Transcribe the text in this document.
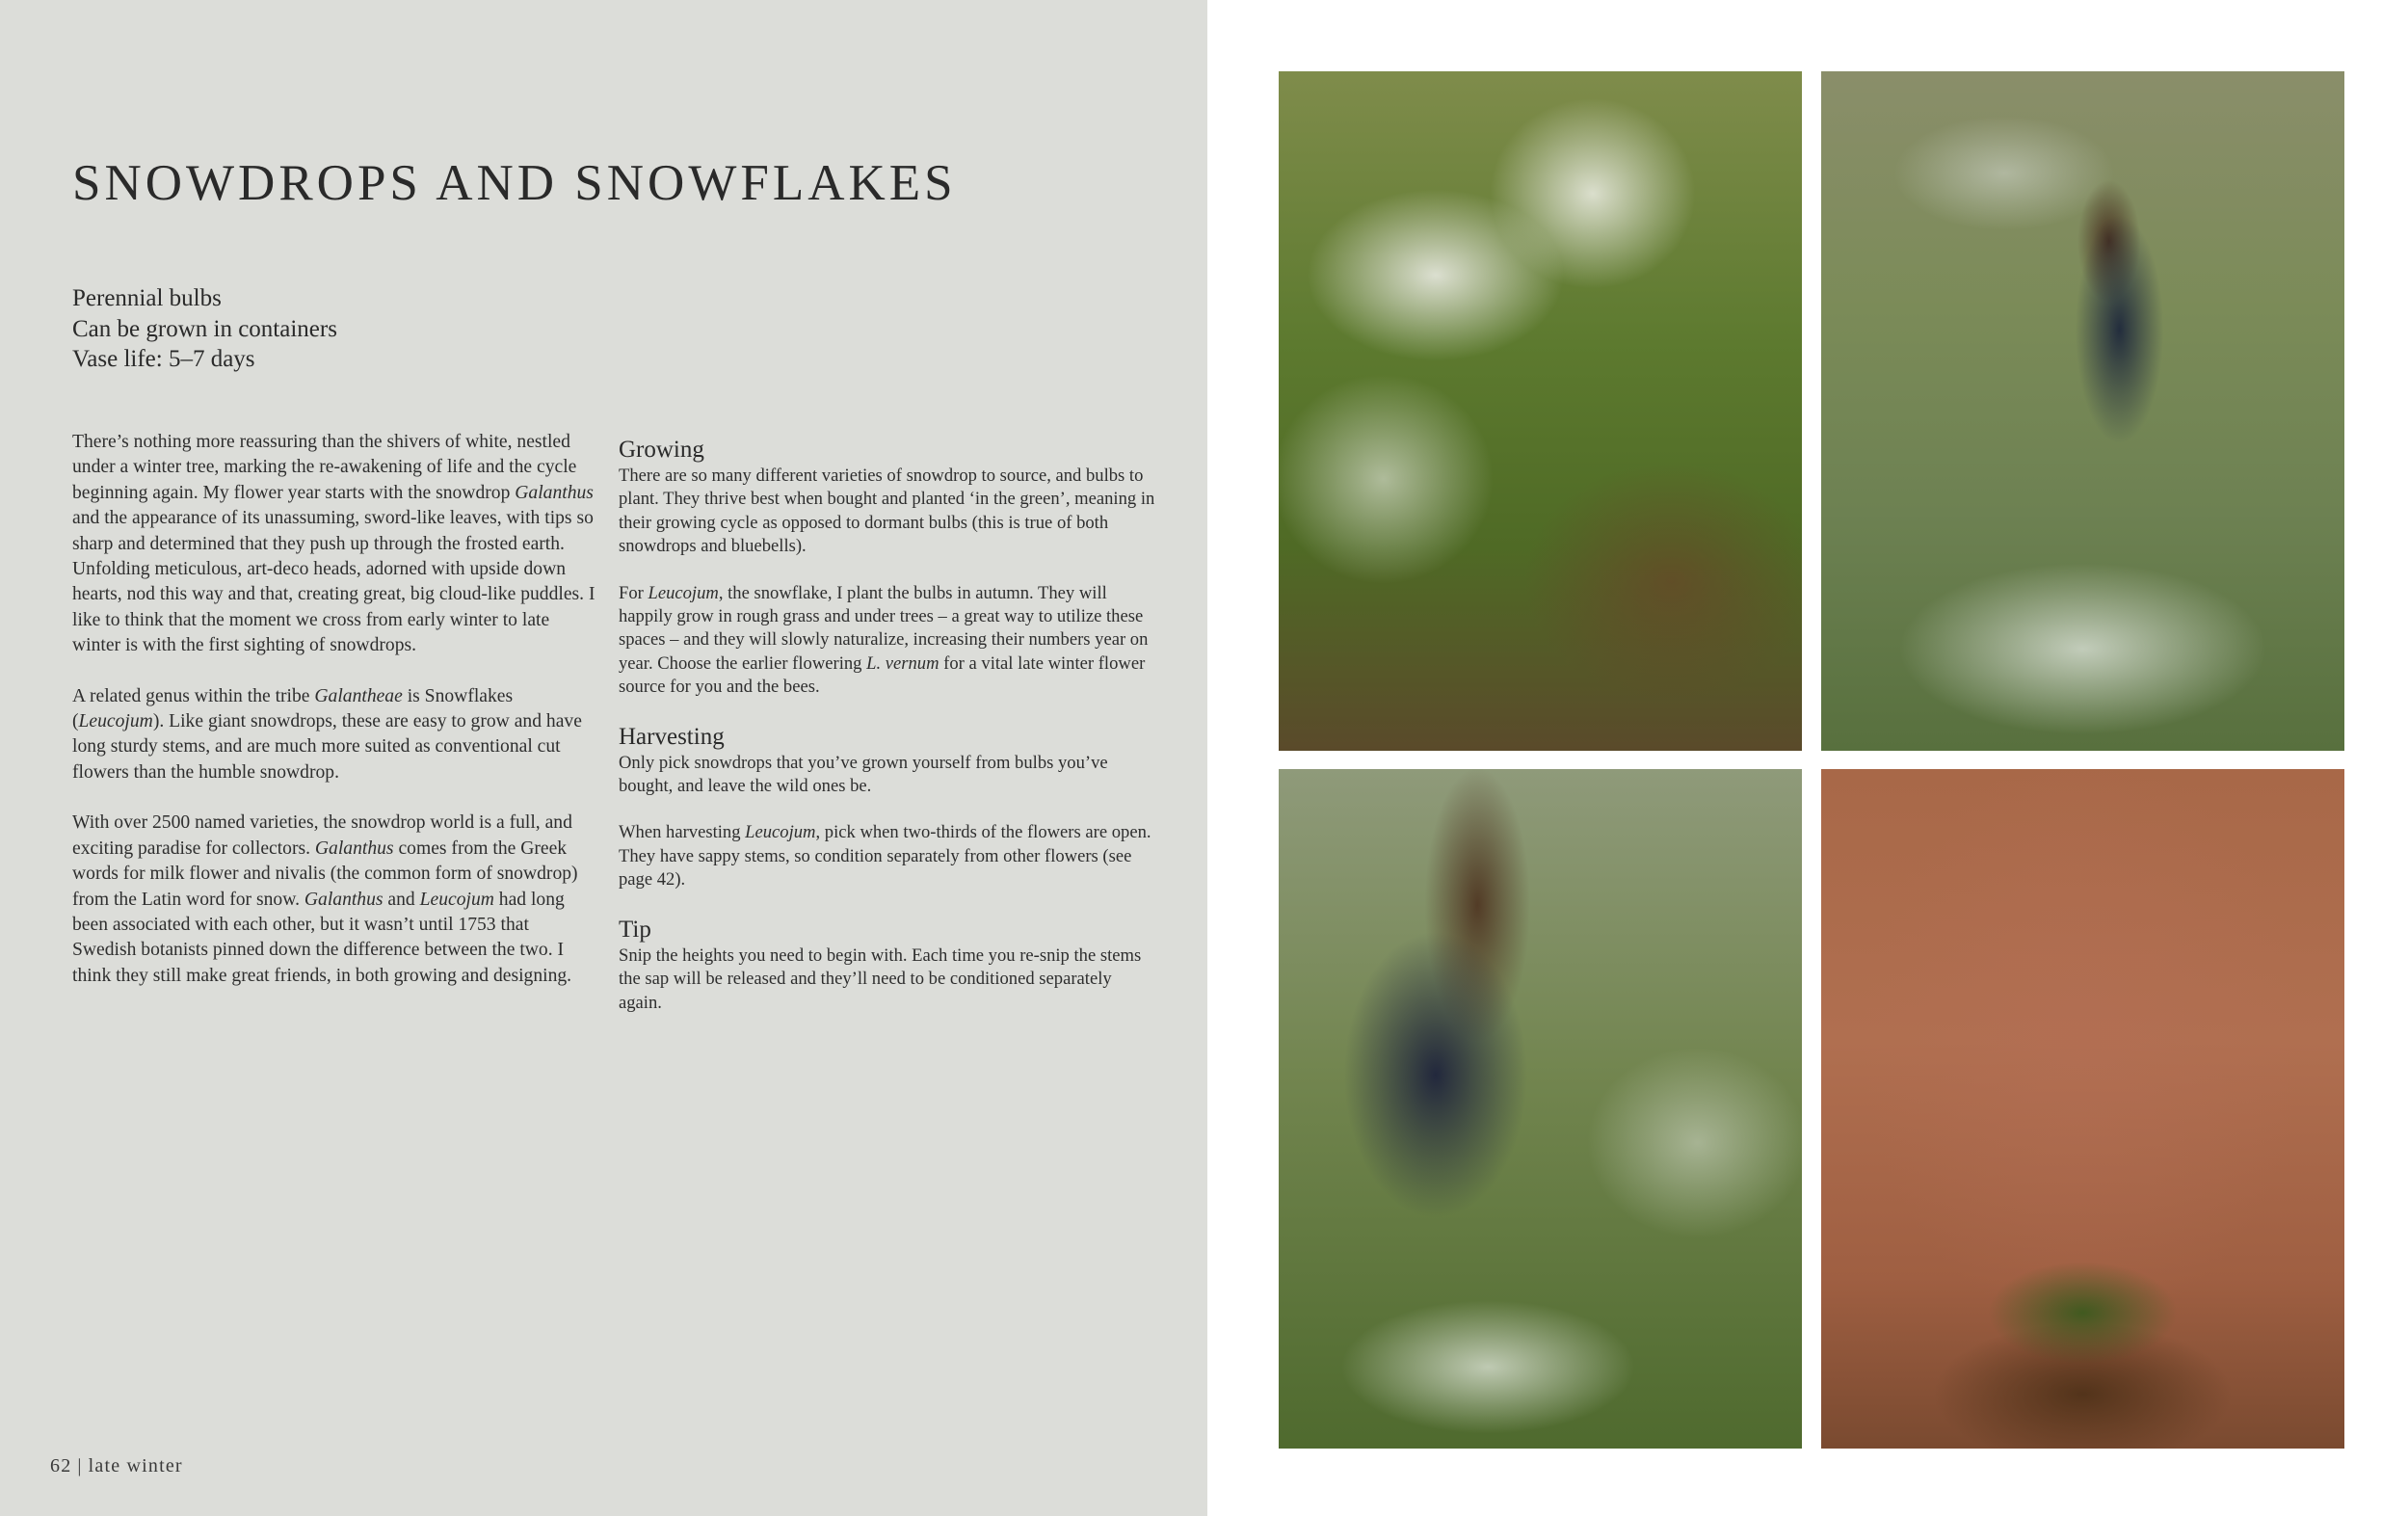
SNOWDROPS AND SNOWFLAKES
Perennial bulbs
Can be grown in containers
Vase life: 5–7 days

There’s nothing more reassuring than the shivers of white, nestled under a winter tree, marking the re-awakening of life and the cycle beginning again. My flower year starts with the snowdrop Galanthus and the appearance of its unassuming, sword-like leaves, with tips so sharp and determined that they push up through the frosted earth. Unfolding meticulous, art-deco heads, adorned with upside down hearts, nod this way and that, creating great, big cloud-like puddles. I like to think that the moment we cross from early winter to late winter is with the first sighting of snowdrops.

A related genus within the tribe Galantheae is Snowflakes (Leucojum). Like giant snowdrops, these are easy to grow and have long sturdy stems, and are much more suited as conventional cut flowers than the humble snowdrop.

With over 2500 named varieties, the snowdrop world is a full, and exciting paradise for collectors. Galanthus comes from the Greek words for milk flower and nivalis (the common form of snowdrop) from the Latin word for snow. Galanthus and Leucojum had long been associated with each other, but it wasn’t until 1753 that Swedish botanists pinned down the difference between the two. I think they still make great friends, in both growing and designing.

Growing

There are so many different varieties of snowdrop to source, and bulbs to plant. They thrive best when bought and planted ‘in the green’, meaning in their growing cycle as opposed to dormant bulbs (this is true of both snowdrops and bluebells).

For Leucojum, the snowflake, I plant the bulbs in autumn. They will happily grow in rough grass and under trees – a great way to utilize these spaces – and they will slowly naturalize, increasing their numbers year on year. Choose the earlier flowering L. vernum for a vital late winter flower source for you and the bees.

Harvesting

Only pick snowdrops that you’ve grown yourself from bulbs you’ve bought, and leave the wild ones be.

When harvesting Leucojum, pick when two-thirds of the flowers are open. They have sappy stems, so condition separately from other flowers (see page 42).

Tip

Snip the heights you need to begin with. Each time you re-snip the stems the sap will be released and they’ll need to be conditioned separately again.

62 | late winter
